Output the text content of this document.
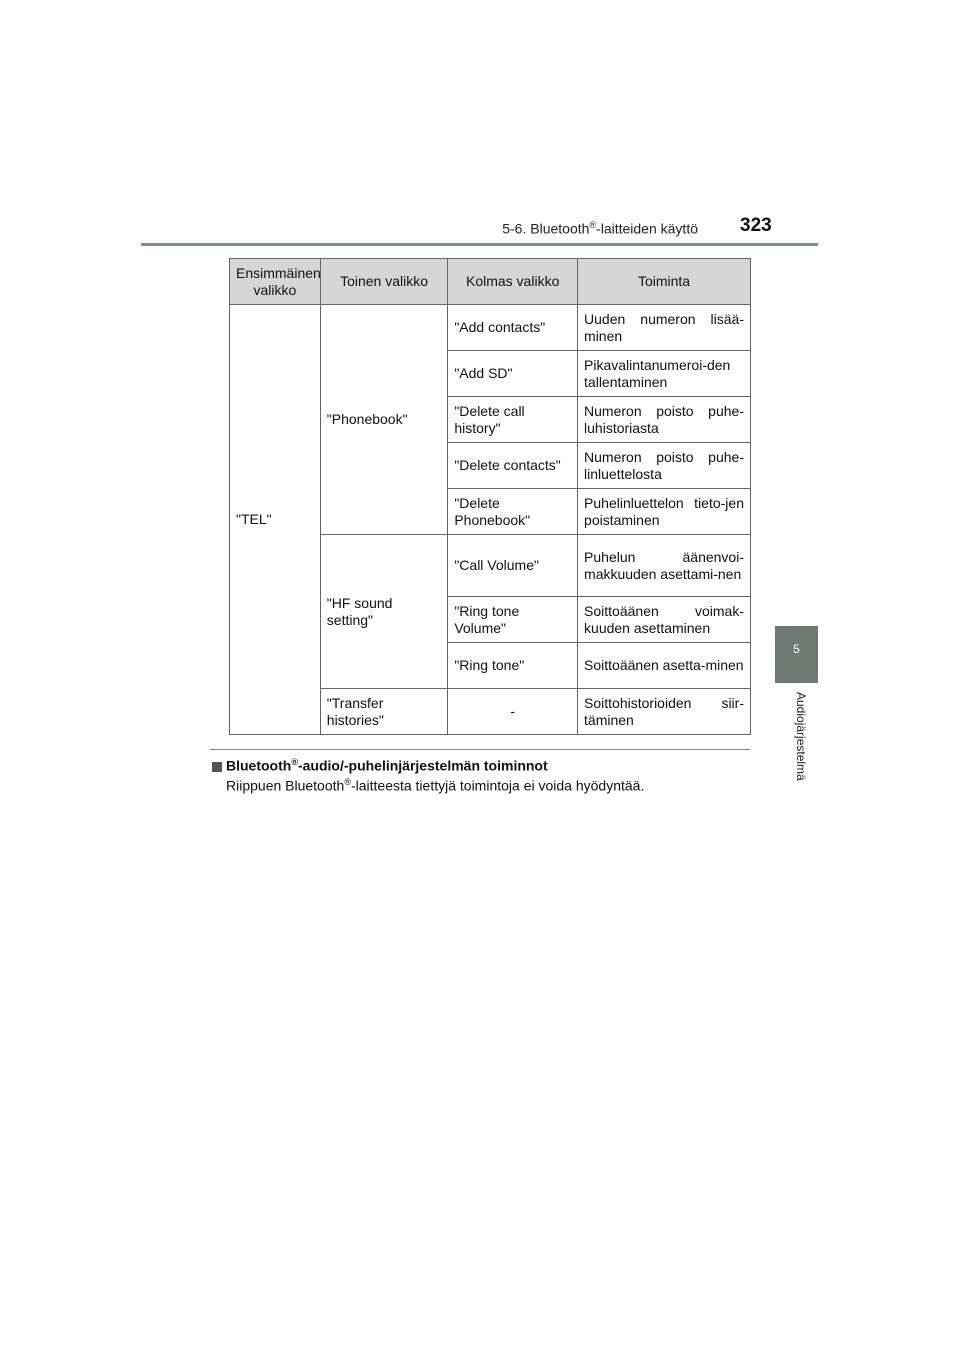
5-6. Bluetooth®-laitteiden käyttö 323
5
Audiojärjestelmä
Ensimmäinen valikko	Toinen valikko	Kolmas valikko	Toiminta
"TEL"	"Phonebook"	"Add contacts"	Uuden numeron lisää-minen
		"Add SD"	Pikavalintanumeroi-den tallentaminen
		"Delete call history"	Numeron poisto puhe-luhistoriasta
		"Delete contacts"	Numeron poisto puhe-linluettelosta
		"Delete Phonebook"	Puhelinluettelon tieto-jen poistaminen
	"HF sound setting"	"Call Volume"	Puhelun äänenvoi-makkuuden asettami-nen
		"Ring tone Volume"	Soittoäänen voimak-kuuden asettaminen
		"Ring tone"	Soittoäänen asetta-minen
	"Transfer histories"	-	Soittohistorioiden siir-täminen
Bluetooth®-audio/-puhelinjärjestelmän toiminnot
Riippuen Bluetooth®-laitteesta tiettyjä toimintoja ei voida hyödyntää.
